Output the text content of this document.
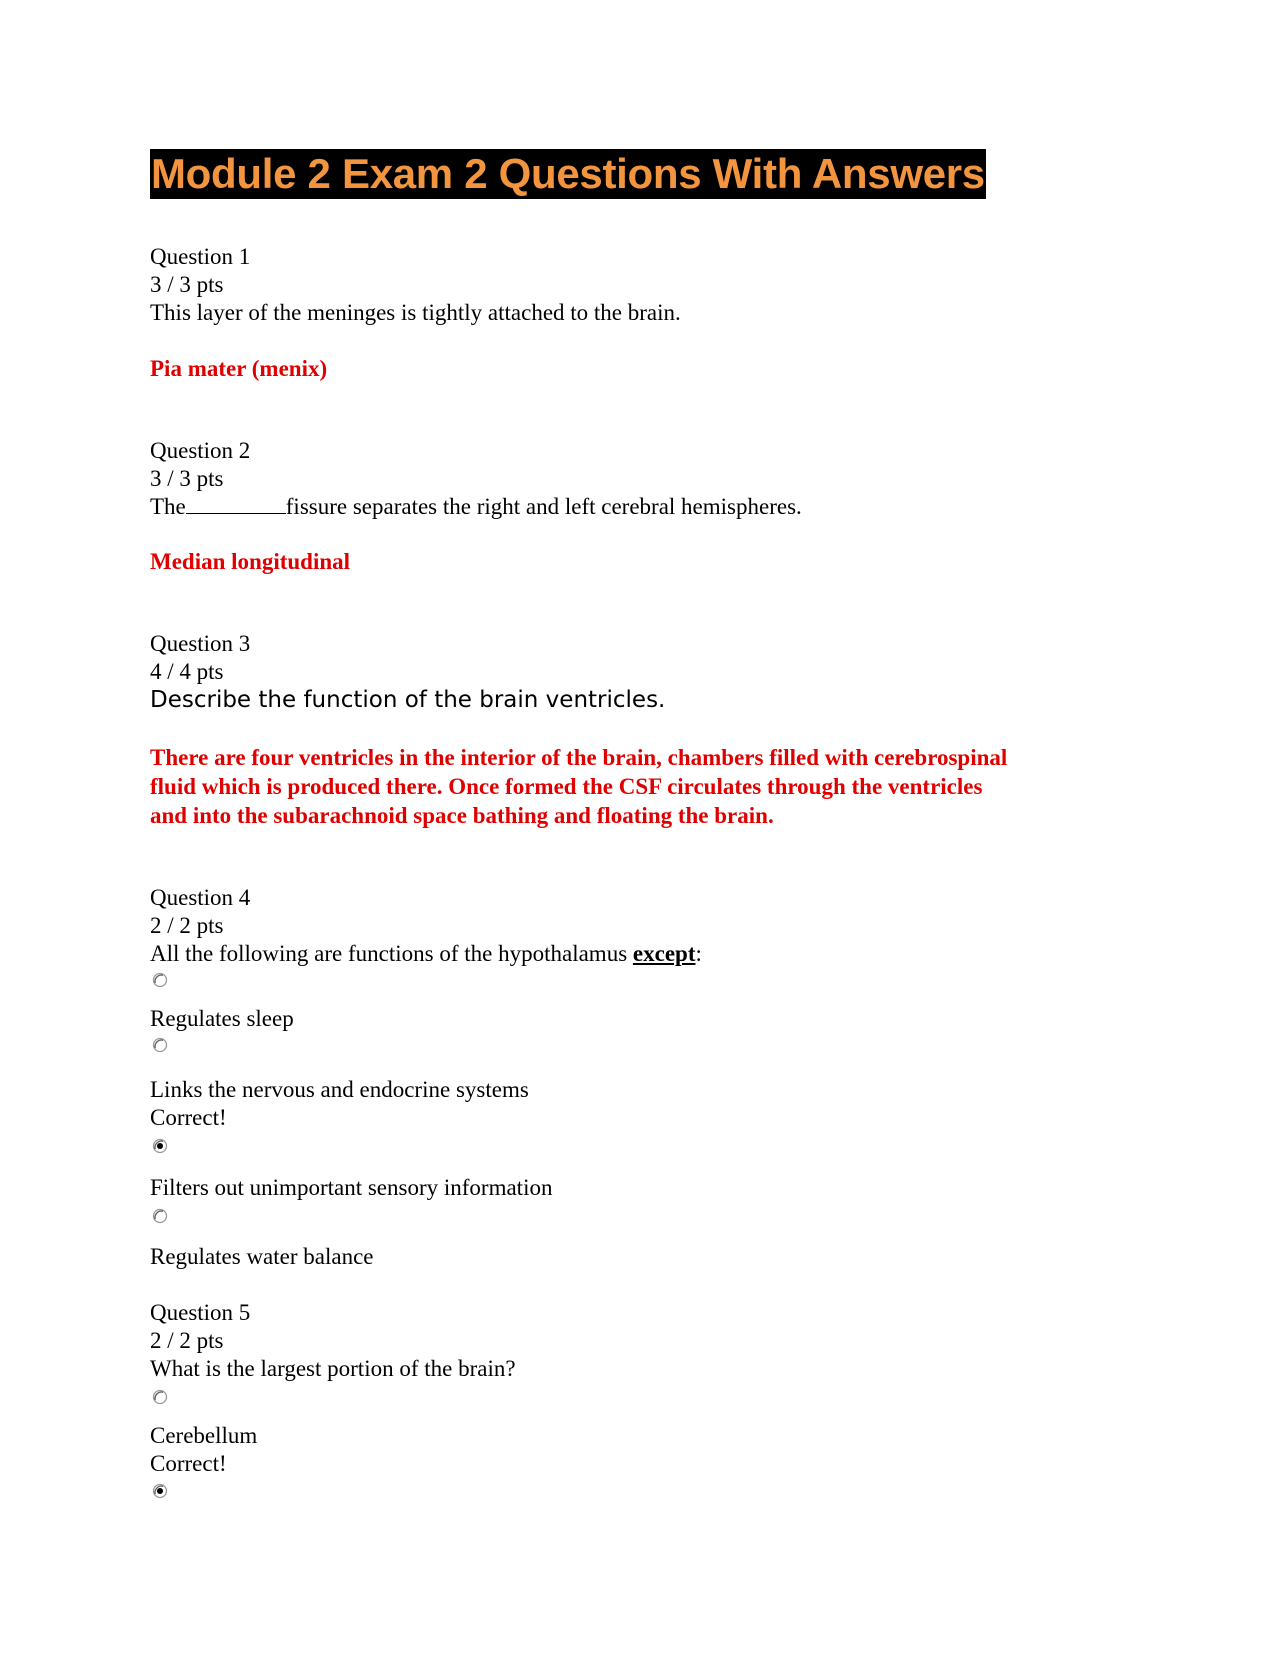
Module 2 Exam 2 Questions With Answers
Question 1
3 / 3 pts
This layer of the meninges is tightly attached to the brain.
Pia mater (menix)
Question 2
3 / 3 pts
The	fissure separates the right and left cerebral hemispheres.
Median longitudinal
Question 3
4 / 4 pts
Describe the function of the brain ventricles.
There are four ventricles in the interior of the brain, chambers filled with cerebrospinal
fluid which is produced there. Once formed the CSF circulates through the ventricles
and into the subarachnoid space bathing and floating the brain.
Question 4
2 / 2 pts
All the following are functions of the hypothalamus except:
Regulates sleep
Links the nervous and endocrine systems
Correct!
Filters out unimportant sensory information
Regulates water balance
Question 5
2 / 2 pts
What is the largest portion of the brain?
Cerebellum
Correct!
